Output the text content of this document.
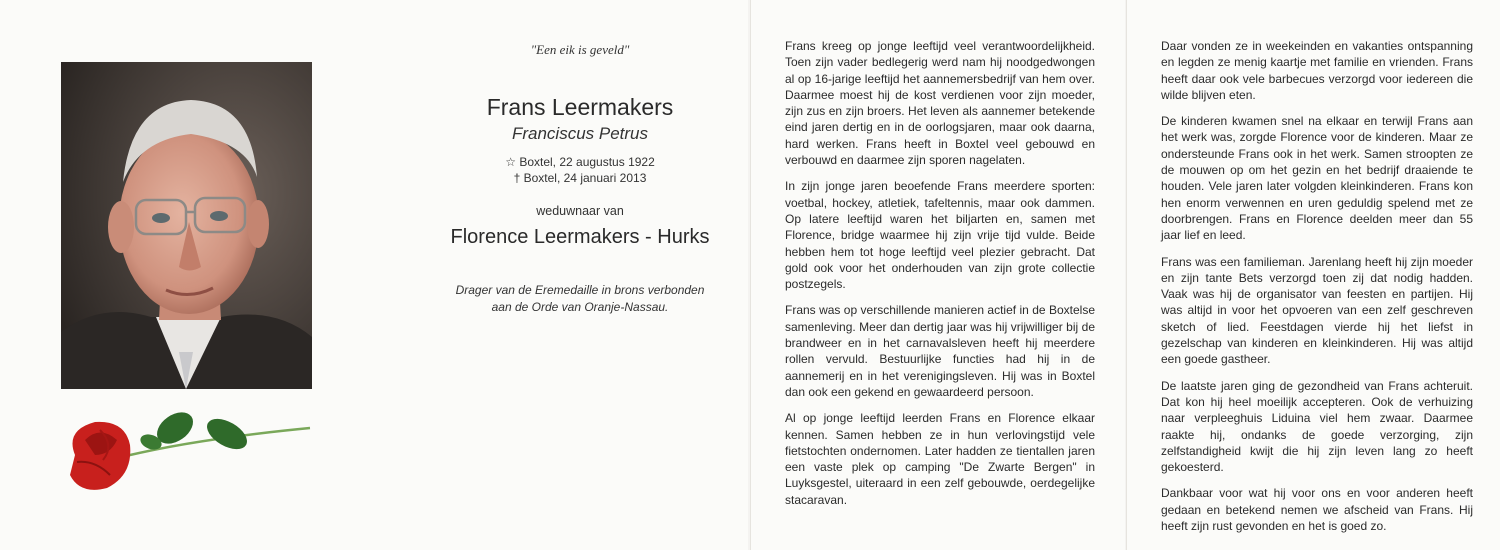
"Een eik is geveld"
Frans Leermakers
Franciscus Petrus
☆ Boxtel, 22 augustus 1922
† Boxtel, 24 januari 2013
weduwnaar van
Florence Leermakers - Hurks
Drager van de Eremedaille in brons verbonden
aan de Orde van Oranje-Nassau.

Frans kreeg op jonge leeftijd veel verantwoordelijkheid. Toen zijn vader bedlegerig werd nam hij noodgedwongen al op 16-jarige leeftijd het aannemersbedrijf van hem over. Daarmee moest hij de kost verdienen voor zijn moeder, zijn zus en zijn broers. Het leven als aannemer betekende eind jaren dertig en in de oorlogsjaren, maar ook daarna, hard werken. Frans heeft in Boxtel veel gebouwd en verbouwd en daarmee zijn sporen nagelaten.

In zijn jonge jaren beoefende Frans meerdere sporten: voetbal, hockey, atletiek, tafeltennis, maar ook dammen. Op latere leeftijd waren het biljarten en, samen met Florence, bridge waarmee hij zijn vrije tijd vulde. Beide hebben hem tot hoge leeftijd veel plezier gebracht. Dat gold ook voor het onderhouden van zijn grote collectie postzegels.

Frans was op verschillende manieren actief in de Boxtelse samenleving. Meer dan dertig jaar was hij vrijwilliger bij de brandweer en in het carnavalsleven heeft hij meerdere rollen vervuld. Bestuurlijke functies had hij in de aannemerij en in het verenigingsleven. Hij was in Boxtel dan ook een gekend en gewaardeerd persoon.

Al op jonge leeftijd leerden Frans en Florence elkaar kennen. Samen hebben ze in hun verlovingstijd vele fietstochten ondernomen. Later hadden ze tientallen jaren een vaste plek op camping "De Zwarte Bergen" in Luyksgestel, uiteraard in een zelf gebouwde, oerdegelijke stacaravan.

Daar vonden ze in weekeinden en vakanties ontspanning en legden ze menig kaartje met familie en vrienden. Frans heeft daar ook vele barbecues verzorgd voor iedereen die wilde blijven eten.

De kinderen kwamen snel na elkaar en terwijl Frans aan het werk was, zorgde Florence voor de kinderen. Maar ze ondersteunde Frans ook in het werk. Samen stroopten ze de mouwen op om het gezin en het bedrijf draaiende te houden. Vele jaren later volgden kleinkinderen. Frans kon hen enorm verwennen en uren geduldig spelend met ze doorbrengen. Frans en Florence deelden meer dan 55 jaar lief en leed.

Frans was een familieman. Jarenlang heeft hij zijn moeder en zijn tante Bets verzorgd toen zij dat nodig hadden. Vaak was hij de organisator van feesten en partijen. Hij was altijd in voor het opvoeren van een zelf geschreven sketch of lied. Feestdagen vierde hij het liefst in gezelschap van kinderen en kleinkinderen. Hij was altijd een goede gastheer.

De laatste jaren ging de gezondheid van Frans achteruit. Dat kon hij heel moeilijk accepteren. Ook de verhuizing naar verpleeghuis Liduina viel hem zwaar. Daarmee raakte hij, ondanks de goede verzorging, zijn zelfstandigheid kwijt die hij zijn leven lang zo heeft gekoesterd.

Dankbaar voor wat hij voor ons en voor anderen heeft gedaan en betekend nemen we afscheid van Frans. Hij heeft zijn rust gevonden en het is goed zo.
